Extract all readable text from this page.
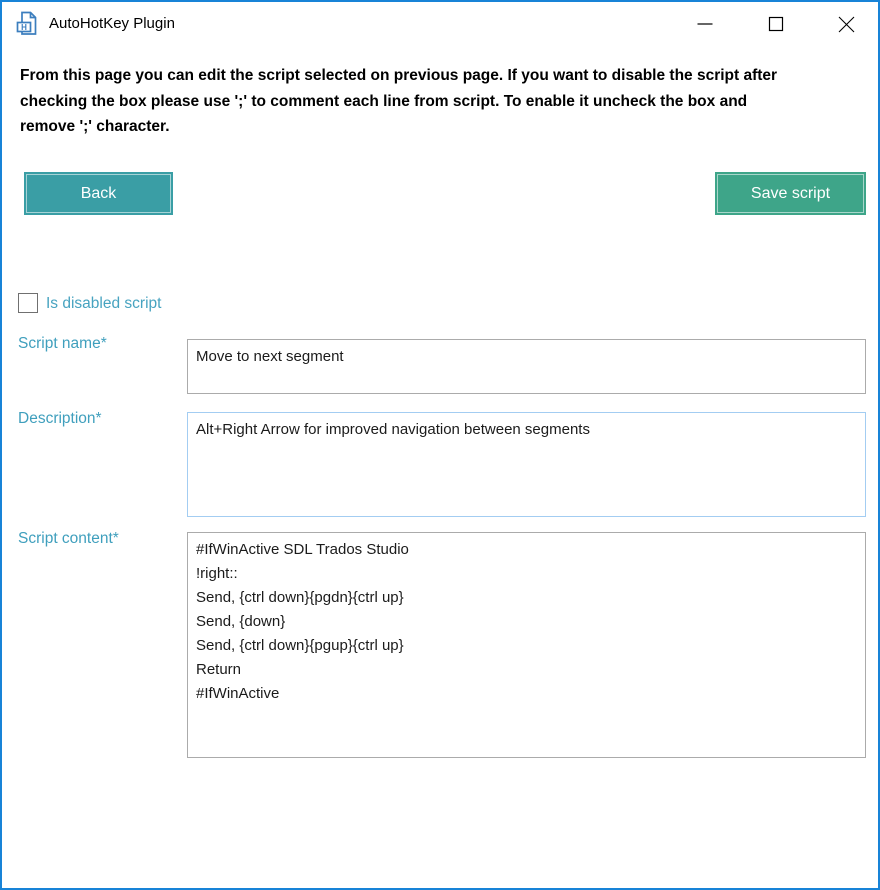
H AutoHotKey Plugin
From this page you can edit the script selected on previous page. If you want to disable the script after
checking the box please use ';' to comment each line from script. To enable it uncheck the box and
remove ';' character.
Back	Save script
Is disabled script
Script name*
Move to next segment
Description*
Alt+Right Arrow for improved navigation between segments
Script content*
#IfWinActive SDL Trados Studio !right:: Send, {ctrl down}{pgdn}{ctrl up} Send, {down} Send, {ctrl down}{pgup}{ctrl up} Return #IfWinActive
